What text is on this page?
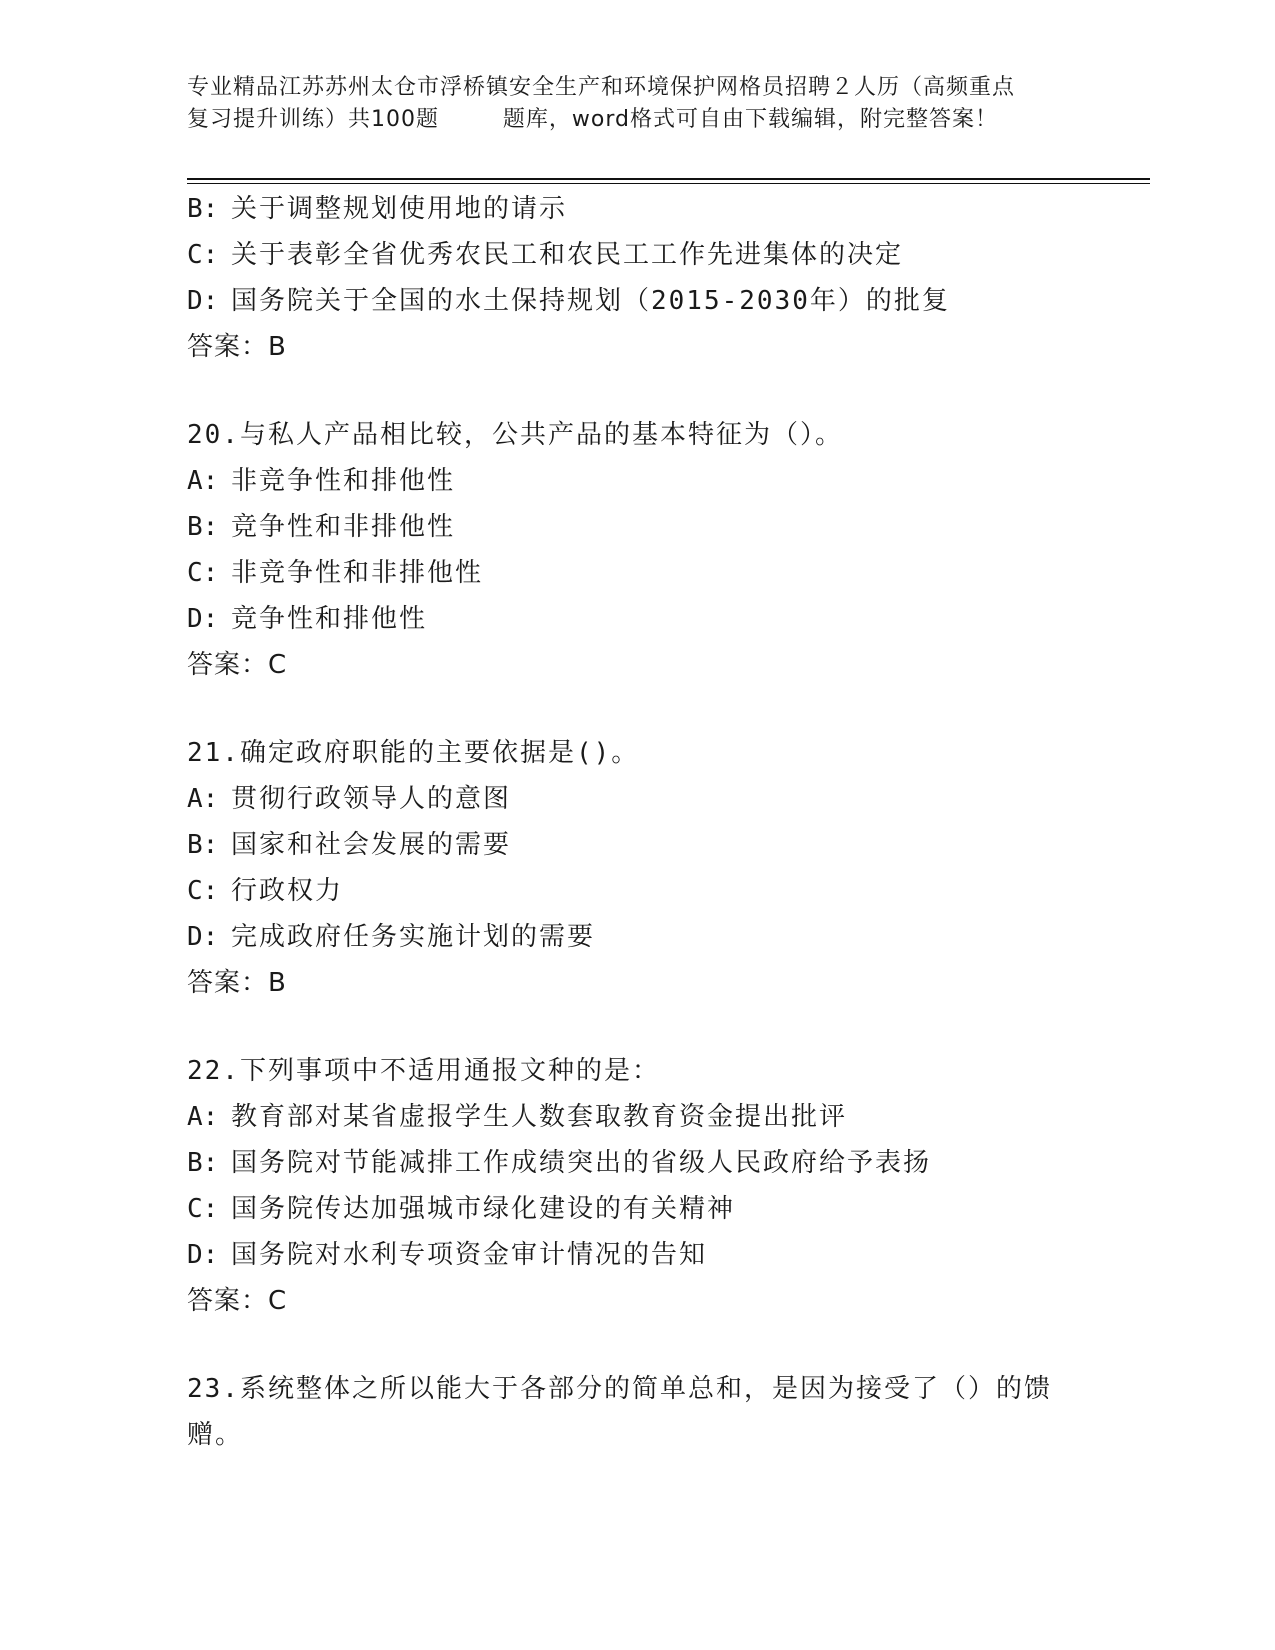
专业精品江苏苏州太仓市浮桥镇安全生产和环境保护网格员招聘２人历（高频重点

复习提升训练）共100题        题库，word格式可自由下载编辑，附完整答案！
B: 关于调整规划使用地的请示
C: 关于表彰全省优秀农民工和农民工工作先进集体的决定
D: 国务院关于全国的水土保持规划（2015-2030年）的批复
答案：B
20.与私人产品相比较，公共产品的基本特征为（）。
A: 非竞争性和排他性
B: 竞争性和非排他性
C: 非竞争性和非排他性
D: 竞争性和排他性
答案：C
21.确定政府职能的主要依据是()。
A: 贯彻行政领导人的意图
B: 国家和社会发展的需要
C: 行政权力
D: 完成政府任务实施计划的需要
答案：B
22.下列事项中不适用通报文种的是：
A: 教育部对某省虚报学生人数套取教育资金提出批评
B: 国务院对节能减排工作成绩突出的省级人民政府给予表扬
C: 国务院传达加强城市绿化建设的有关精神
D: 国务院对水利专项资金审计情况的告知
答案：C
23.系统整体之所以能大于各部分的简单总和，是因为接受了（）的馈赠。
